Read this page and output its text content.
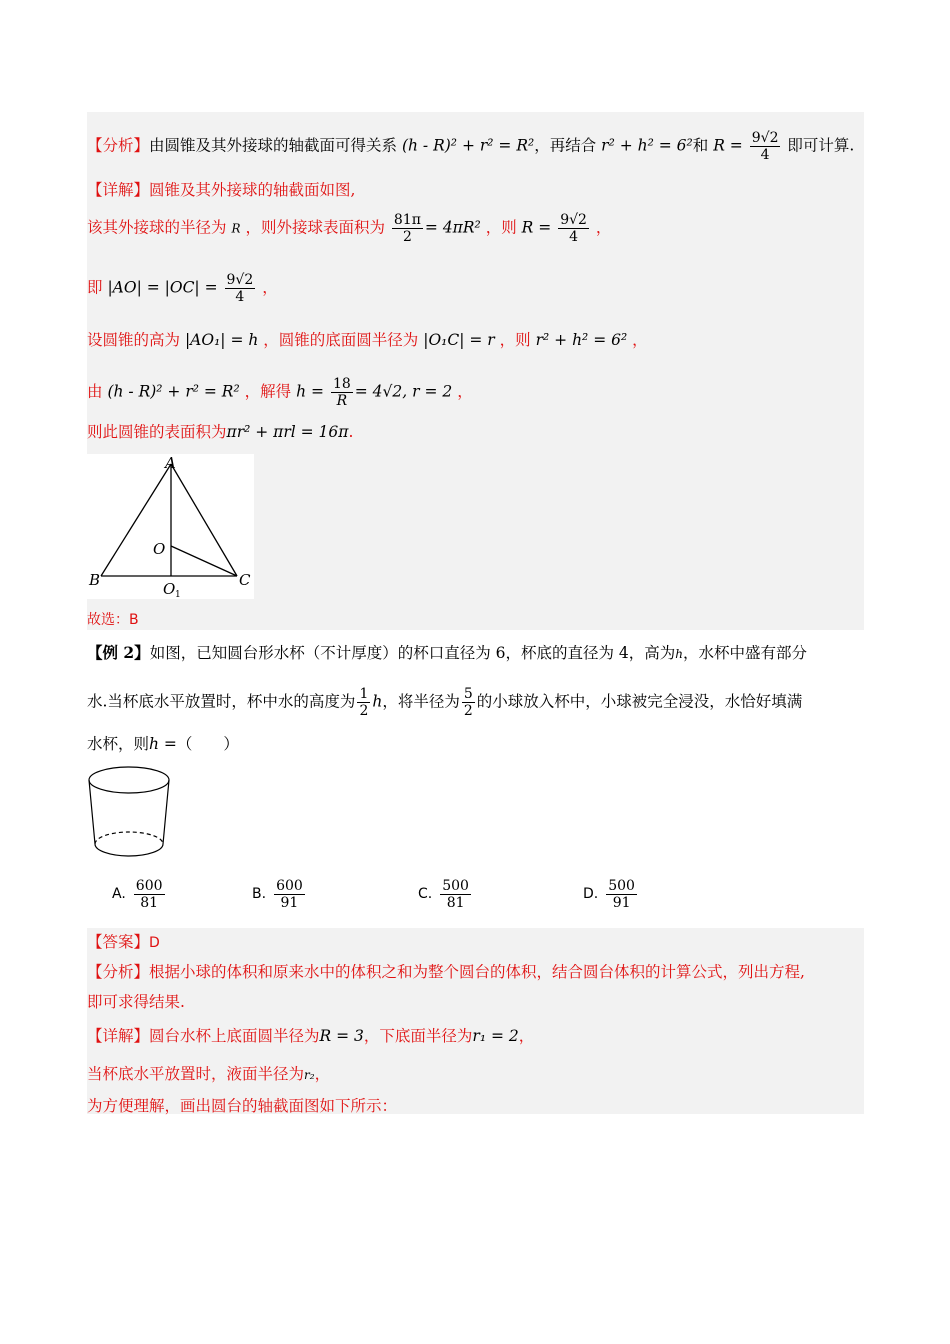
【分析】由圆锥及其外接球的轴截面可得关系 (h - R)² + r² = R²，再结合 r² + h² = 6²和 $R = \frac{9√2}{4}$ 即可计算.
【详解】圆锥及其外接球的轴截面如图,
该其外接球的半径为 R ，则外接球表面积为 $\frac{81\pi}{2} = 4\pi R^2$ ，则 $R = \frac{9√2}{4}$ ，
即 $|AO| = |OC| = \frac{9√2}{4}$ ，
设圆锥的高为 |AO₁| = h ，圆锥的底面圆半径为 |O₁C| = r ，则 r² + h² = 6² ，
由 (h - R)² + r² = R² ，解得 $h = \frac{18}{R} = 4√2$, r = 2 ，
则此圆锥的表面积为πr² + πrl = 16π.
A
B	C
O
O 1
故选：B
【例 2】如图，已知圆台形水杯（不计厚度）的杯口直径为 6，杯底的直径为 4，高为h，水杯中盛有部分
水.当杯底水平放置时，杯中水的高度为 $\frac{1}{2}$ h，将半径为 $\frac{5}{2}$ 的小球放入杯中，小球被完全浸没，水恰好填满
水杯，则h =（　　）
A. $\frac{600}{81}$	B. $\frac{600}{91}$	C. $\frac{500}{81}$	D. $\frac{500}{91}$
【答案】D
【分析】根据小球的体积和原来水中的体积之和为整个圆台的体积，结合圆台体积的计算公式，列出方程,
即可求得结果.
【详解】圆台水杯上底面圆半径为R = 3，下底面半径为r₁ = 2，
当杯底水平放置时，液面半径为r₂，
为方便理解，画出圆台的轴截面图如下所示：
